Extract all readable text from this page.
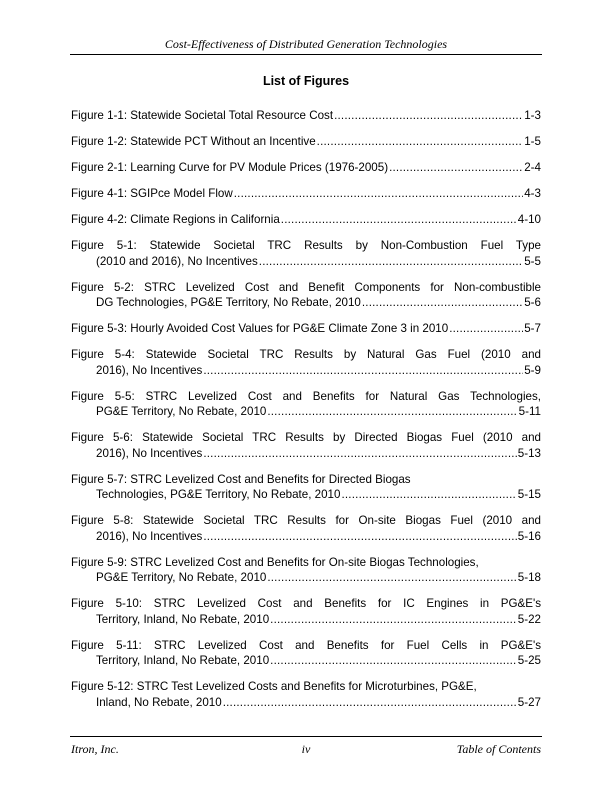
Cost-Effectiveness of Distributed Generation Technologies
List of Figures
Figure 1-1: Statewide Societal Total Resource Cost .....	1-3
Figure 1-2: Statewide PCT Without an Incentive .....	1-5
Figure 2-1: Learning Curve for PV Module Prices (1976-2005) .....	2-4
Figure 4-1: SGIPce Model Flow .....	4-3
Figure 4-2: Climate Regions in California .....	4-10
Figure 5-1: Statewide Societal TRC Results by Non-Combustion Fuel Type
(2010 and 2016), No Incentives .....	5-5
Figure 5-2: STRC Levelized Cost and Benefit Components for Non-combustible
DG Technologies, PG&E Territory, No Rebate, 2010 .....	5-6
Figure 5-3: Hourly Avoided Cost Values for PG&E Climate Zone 3 in 2010 .....	5-7
Figure 5-4: Statewide Societal TRC Results by Natural Gas Fuel (2010 and
2016), No Incentives .....	5-9
Figure 5-5: STRC Levelized Cost and Benefits for Natural Gas Technologies,
PG&E Territory, No Rebate, 2010 .....	5-11
Figure 5-6: Statewide Societal TRC Results by Directed Biogas Fuel (2010 and
2016), No Incentives .....	5-13
Figure 5-7: STRC Levelized Cost and Benefits for Directed Biogas
Technologies, PG&E Territory, No Rebate, 2010 .....	5-15
Figure 5-8: Statewide Societal TRC Results for On-site Biogas Fuel (2010 and
2016), No Incentives .....	5-16
Figure 5-9: STRC Levelized Cost and Benefits for On-site Biogas Technologies,
PG&E Territory, No Rebate, 2010 .....	5-18
Figure 5-10: STRC Levelized Cost and Benefits for IC Engines in PG&E's
Territory, Inland, No Rebate, 2010 .....	5-22
Figure 5-11: STRC Levelized Cost and Benefits for Fuel Cells in PG&E's
Territory, Inland, No Rebate, 2010 .....	5-25
Figure 5-12: STRC Test Levelized Costs and Benefits for Microturbines, PG&E,
Inland, No Rebate, 2010 .....	5-27
Itron, Inc.	iv	Table of Contents
